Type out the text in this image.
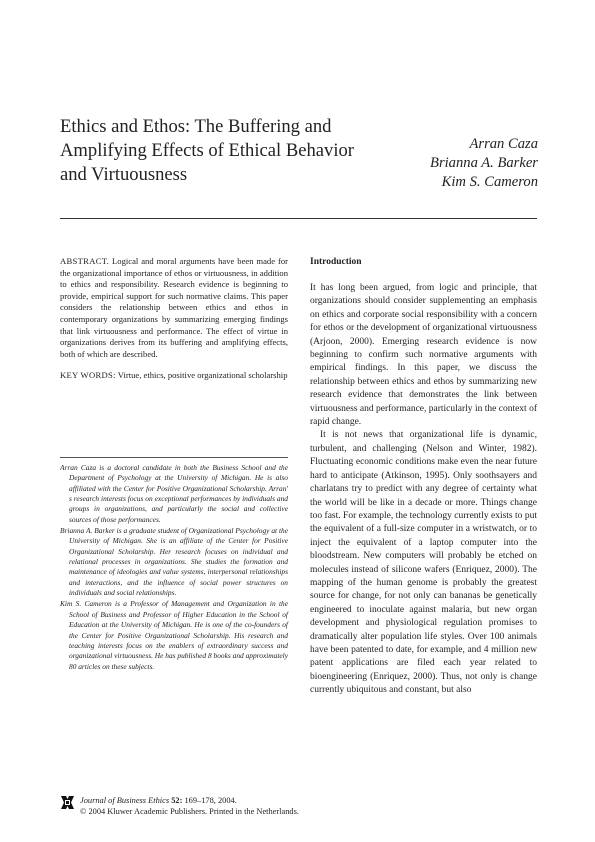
Ethics and Ethos: The Buffering and
Amplifying Effects of Ethical Behavior
and Virtuousness
Arran Caza
Brianna A. Barker
Kim S. Cameron

ABSTRACT. Logical and moral arguments have been made for the organizational importance of ethos or virtuousness, in addition to ethics and responsibility. Research evidence is beginning to provide, empirical support for such normative claims. This paper considers the relationship between ethics and ethos in contemporary organizations by summarizing emerging findings that link virtuousness and performance. The effect of virtue in organizations derives from its buffering and amplifying effects, both of which are described.

KEY WORDS: Virtue, ethics, positive organizational scholarship

Arran Caza is a doctoral candidate in both the Business School and the Department of Psychology at the University of Michigan. He is also affiliated with the Center for Positive Organizational Scholarship. Arran' s research interests focus on exceptional performances by individuals and groups in organizations, and particularly the social and collective sources of those performances.

Brianna A. Barker is a graduate student of Organizational Psychology at the University of Michigan. She is an affiliate of the Center for Positive Organizational Scholarship. Her research focuses on individual and relational processes in organizations. She studies the formation and maintenance of ideologies and value systems, interpersonal relationships and interactions, and the influence of social power structures on individuals and social relationships.

Kim S. Cameron is a Professor of Management and Organization in the School of Business and Professor of Higher Education in the School of Education at the University of Michigan. He is one of the co-founders of the Center for Positive Organizational Scholarship. His research and teaching interests focus on the enablers of extraordinary success and organizational virtuousness. He has published 8 books and approximately 80 articles on these subjects.

Introduction

It has long been argued, from logic and principle, that organizations should consider supplementing an emphasis on ethics and corporate social responsibility with a concern for ethos or the development of organizational virtuousness (Arjoon, 2000). Emerging research evidence is now beginning to confirm such normative arguments with empirical findings. In this paper, we discuss the relationship between ethics and ethos by summarizing new research evidence that demonstrates the link between virtuousness and performance, particularly in the context of rapid change.

It is not news that organizational life is dynamic, turbulent, and challenging (Nelson and Winter, 1982). Fluctuating economic conditions make even the near future hard to anticipate (Atkinson, 1995). Only soothsayers and charlatans try to predict with any degree of certainty what the world will be like in a decade or more. Things change too fast. For example, the technology currently exists to put the equivalent of a full-size computer in a wristwatch, or to inject the equivalent of a laptop computer into the bloodstream. New computers will probably be etched on molecules instead of silicone wafers (Enriquez, 2000). The mapping of the human genome is probably the greatest source for change, for not only can bananas be genetically engineered to inoculate against malaria, but new organ development and physiological regulation promises to dramatically alter population life styles. Over 100 animals have been patented to date, for example, and 4 million new patent applications are filed each year related to bioengineering (Enriquez, 2000). Thus, not only is change currently ubiquitous and constant, but also

Journal of Business Ethics 52: 169–178, 2004.
© 2004 Kluwer Academic Publishers. Printed in the Netherlands.
